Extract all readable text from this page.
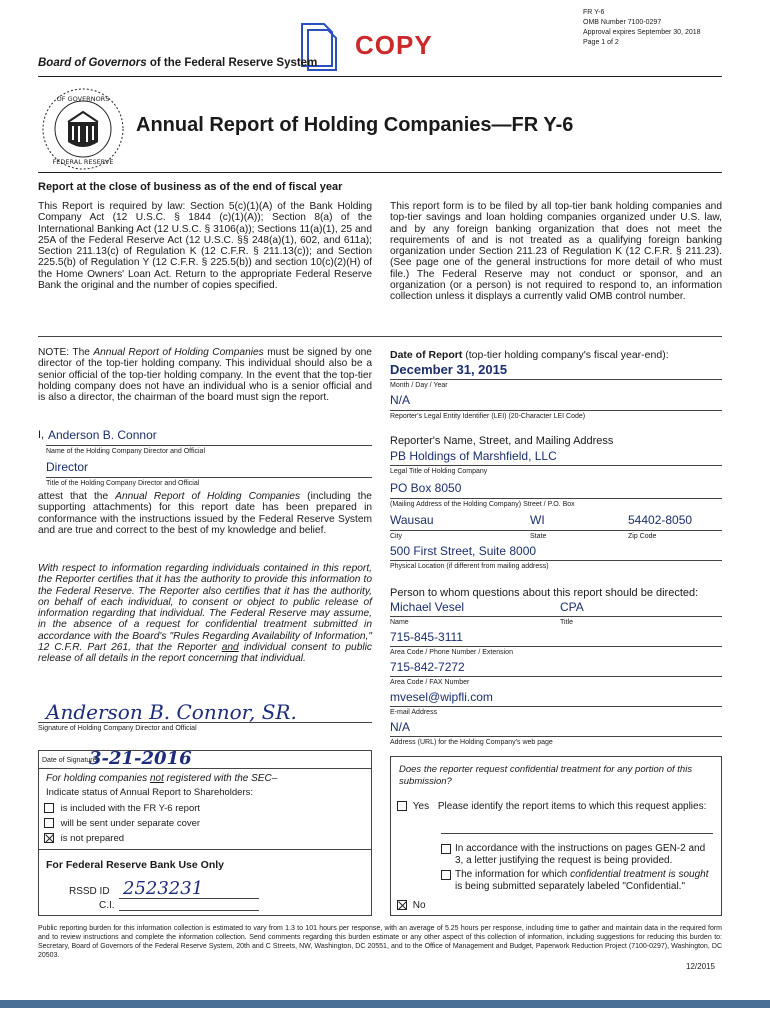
FR Y-6
OMB Number 7100-0297
Approval expires September 30, 2018
Page 1 of 2
COPY
Board of Governors of the Federal Reserve System
OF GOVERNORS
FEDERAL RESERVE
Annual Report of Holding Companies—FR Y-6
Report at the close of business as of the end of fiscal year
This Report is required by law: Section 5(c)(1)(A) of the Bank Holding Company Act (12 U.S.C. § 1844 (c)(1)(A)); Section 8(a) of the International Banking Act (12 U.S.C. § 3106(a)); Sections 11(a)(1), 25 and 25A of the Federal Reserve Act (12 U.S.C. §§ 248(a)(1), 602, and 611a); Section 211.13(c) of Regulation K (12 C.F.R. § 211.13(c)); and Section 225.5(b) of Regulation Y (12 C.F.R. § 225.5(b)) and section 10(c)(2)(H) of the Home Owners' Loan Act. Return to the appropriate Federal Reserve Bank the original and the number of copies specified.
This report form is to be filed by all top-tier bank holding companies and top-tier savings and loan holding companies organized under U.S. law, and by any foreign banking organization that does not meet the requirements of and is not treated as a qualifying foreign banking organization under Section 211.23 of Regulation K (12 C.F.R. § 211.23). (See page one of the general instructions for more detail of who must file.) The Federal Reserve may not conduct or sponsor, and an organization (or a person) is not required to respond to, an information collection unless it displays a currently valid OMB control number.
NOTE: The Annual Report of Holding Companies must be signed by one director of the top-tier holding company. This individual should also be a senior official of the top-tier holding company. In the event that the top-tier holding company does not have an individual who is a senior official and is also a director, the chairman of the board must sign the report.
I, Anderson B. Connor
Name of the Holding Company Director and Official
Director
Title of the Holding Company Director and Official
attest that the Annual Report of Holding Companies (including the supporting attachments) for this report date has been prepared in conformance with the instructions issued by the Federal Reserve System and are true and correct to the best of my knowledge and belief.
With respect to information regarding individuals contained in this report, the Reporter certifies that it has the authority to provide this information to the Federal Reserve. The Reporter also certifies that it has the authority, on behalf of each individual, to consent or object to public release of information regarding that individual. The Federal Reserve may assume, in the absence of a request for confidential treatment submitted in accordance with the Board's "Rules Regarding Availability of Information," 12 C.F.R. Part 261, that the Reporter and individual consent to public release of all details in the report concerning that individual.
Anderson B. Connor, SR.
Signature of Holding Company Director and Official
Date of Signature
3-21-2016
For holding companies not registered with the SEC–
Indicate status of Annual Report to Shareholders:
is included with the FR Y-6 report
will be sent under separate cover
is not prepared
For Federal Reserve Bank Use Only
RSSD ID 2523231
C.I.
Date of Report (top-tier holding company's fiscal year-end):
December 31, 2015
Month / Day / Year
N/A
Reporter's Legal Entity Identifier (LEI) (20-Character LEI Code)
Reporter's Name, Street, and Mailing Address
PB Holdings of Marshfield, LLC
Legal Title of Holding Company
PO Box 8050
(Mailing Address of the Holding Company) Street / P.O. Box
Wausau	WI	54402-8050
City	State	Zip Code
500 First Street, Suite 8000
Physical Location (if different from mailing address)
Person to whom questions about this report should be directed:
Michael Vesel	CPA
Name	Title
715-845-3111
Area Code / Phone Number / Extension
715-842-7272
Area Code / FAX Number
mvesel@wipfli.com
E-mail Address
N/A
Address (URL) for the Holding Company's web page
Does the reporter request confidential treatment for any portion of this submission?
Yes Please identify the report items to which this request applies:
In accordance with the instructions on pages GEN-2 and 3, a letter justifying the request is being provided.
The information for which confidential treatment is sought is being submitted separately labeled "Confidential."
No
Public reporting burden for this information collection is estimated to vary from 1.3 to 101 hours per response, with an average of 5.25 hours per response, including time to gather and maintain data in the required form and to review instructions and complete the information collection. Send comments regarding this burden estimate or any other aspect of this collection of information, including suggestions for reducing this burden to: Secretary, Board of Governors of the Federal Reserve System, 20th and C Streets, NW, Washington, DC 20551, and to the Office of Management and Budget, Paperwork Reduction Project (7100-0297), Washington, DC 20503.
12/2015
